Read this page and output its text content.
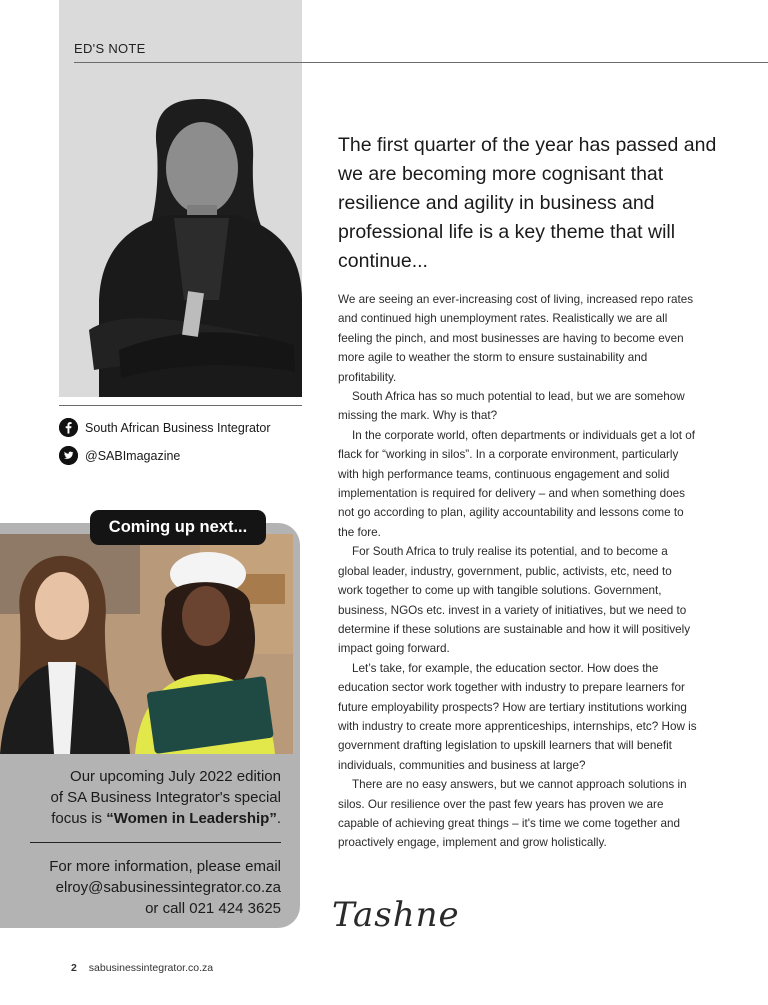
ED'S NOTE
South African Business Integrator
@SABImagazine
Coming up next...
Our upcoming July 2022 edition
of SA Business Integrator's special
focus is “Women in Leadership”.
For more information, please email
elroy@sabusinessintegrator.co.za
or call 021 424 3625
The first quarter of the year has passed and we are becoming more cognisant that resilience and agility in business and professional life is a key theme that will continue...

We are seeing an ever-increasing cost of living, increased repo rates and continued high unemployment rates. Realistically we are all feeling the pinch, and most businesses are having to become even more agile to weather the storm to ensure sustainability and profitability.

South Africa has so much potential to lead, but we are somehow missing the mark. Why is that?

In the corporate world, often departments or individuals get a lot of flack for “working in silos”. In a corporate environment, particularly with high performance teams, continuous engagement and solid implementation is required for delivery – and when something does not go according to plan, agility accountability and lessons come to the fore.

For South Africa to truly realise its potential, and to become a global leader, industry, government, public, activists, etc, need to work together to come up with tangible solutions. Government, business, NGOs etc. invest in a variety of initiatives, but we need to determine if these solutions are sustainable and how it will positively impact going forward.

Let’s take, for example, the education sector. How does the education sector work together with industry to prepare learners for future employability prospects? How are tertiary institutions working with industry to create more apprenticeships, internships, etc? How is government drafting legislation to upskill learners that will benefit individuals, communities and business at large?

There are no easy answers, but we cannot approach solutions in silos. Our resilience over the past few years has proven we are capable of achieving great things – it's time we come together and proactively engage, implement and grow holistically.

Tashne
2 sabusinessintegrator.co.za
